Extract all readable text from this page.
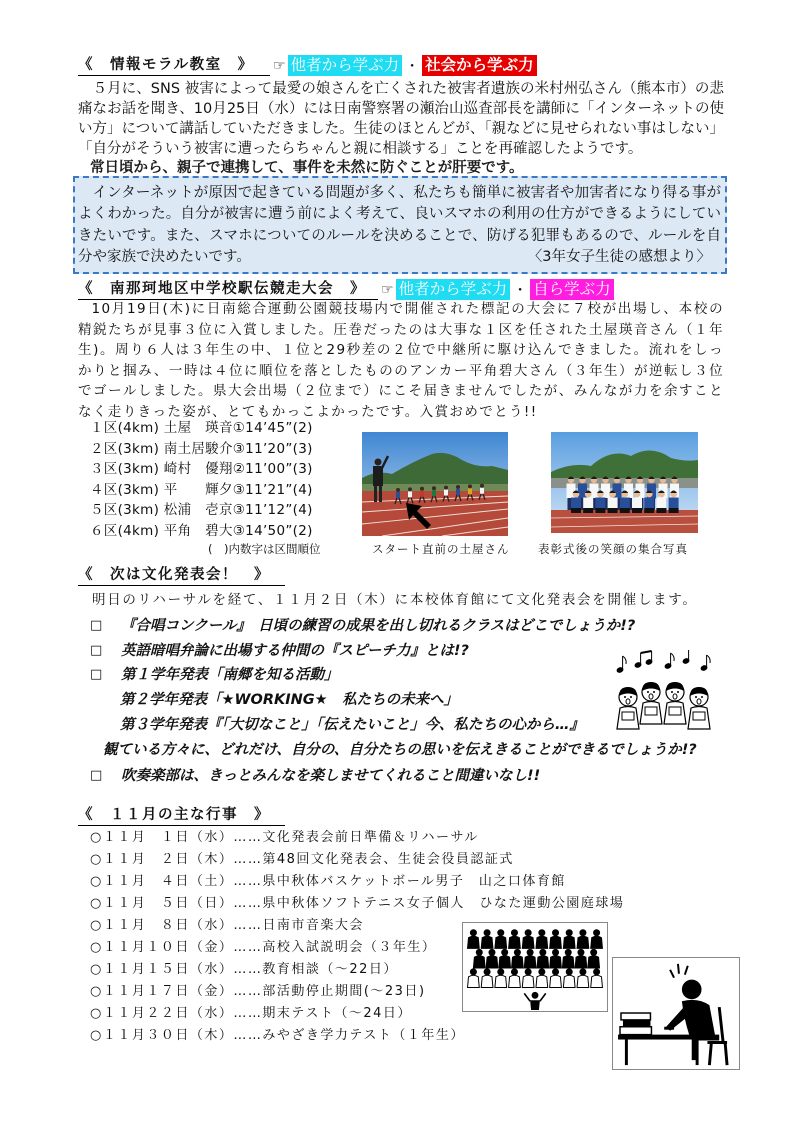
《　情報モラル教室　》	☞ 他者から学ぶ力 ・ 社会から学ぶ力

５月に、SNS 被害によって最愛の娘さんを亡くされた被害者遺族の米村州弘さん（熊本市）の悲痛なお話を聞き、10月25日（水）には日南警察署の瀬治山巡査部長を講師に「インターネットの使い方」について講話していただきました。生徒のほとんどが、「親などに見せられない事はしない」「自分がそういう被害に遭ったらちゃんと親に相談する」ことを再確認したようです。

常日頃から、親子で連携して、事件を未然に防ぐことが肝要です。
インターネットが原因で起きている問題が多く、私たちも簡単に被害者や加害者になり得る事がよくわかった。自分が被害に遭う前によく考えて、良いスマホの利用の仕方ができるようにしていきたいです。また、スマホについてのルールを決めることで、防げる犯罪もあるので、ルールを自分や家族で決めたいです。	〈3年女子生徒の感想より〉
《　南那珂地区中学校駅伝競走大会　》	☞ 他者から学ぶ力 ・ 自ら学ぶ力

10月19日(木)に日南総合運動公園競技場内で開催された標記の大会に７校が出場し、本校の精鋭たちが見事３位に入賞しました。圧巻だったのは大事な１区を任された土屋瑛音さん（１年生)。周り６人は３年生の中、１位と29秒差の２位で中継所に駆け込んできました。流れをしっかりと掴み、一時は４位に順位を落としたもののアンカー平角碧大さん（３年生）が逆転し３位でゴールしました。県大会出場（２位まで）にこそ届きませんでしたが、みんなが力を余すことなく走りきった姿が、とてもかっこよかったです。入賞おめでとう!!

１区(4km) 土屋　瑛音①14’45”(2)
２区(3km) 南土居駿介③11’20”(3)
３区(3km) 崎村　優翔②11’00”(3)
４区(3km) 平　　輝夕③11’21”(4)
５区(3km) 松浦　壱京③11’12”(4)
６区(4km) 平角　碧大③14’50”(2)
(　)内数字は区間順位	スタート直前の土屋さん 表彰式後の笑顔の集合写真
《　次は文化発表会！　》
明日のリハーサルを経て、１１月２日（木）に本校体育館にて文化発表会を開催します。
□ 『合唱コンクール』　日頃の練習の成果を出し切れるクラスはどこでしょうか!?
□ 英語暗唱弁論に出場する仲間の『スピーチ力』とは!?
□ 第１学年発表「南郷を知る活動」
第２学年発表「★WORKING★　私たちの未来へ」
第３学年発表『「大切なこと」「伝えたいこと」今、私たちの心から…』
観ている方々に、どれだけ、自分の、自分たちの思いを伝えきることができるでしょうか!?
□ 吹奏楽部は、きっとみんなを楽しませてくれること間違いなし!!
《　１１月の主な行事　》
○１１月　１日（水）……文化発表会前日準備＆リハーサル
○１１月　２日（木）……第48回文化発表会、生徒会役員認証式
○１１月　４日（土）……県中秋体バスケットボール男子　山之口体育館
○１１月　５日（日）……県中秋体ソフトテニス女子個人　ひなた運動公園庭球場
○１１月　８日（水）……日南市音楽大会
○１１月１０日（金）……高校入試説明会（３年生）
○１１月１５日（水）……教育相談（～22日）
○１１月１７日（金）……部活動停止期間(～23日)
○１１月２２日（水）……期末テスト（～24日）
○１１月３０日（木）……みやざき学力テスト（１年生）
